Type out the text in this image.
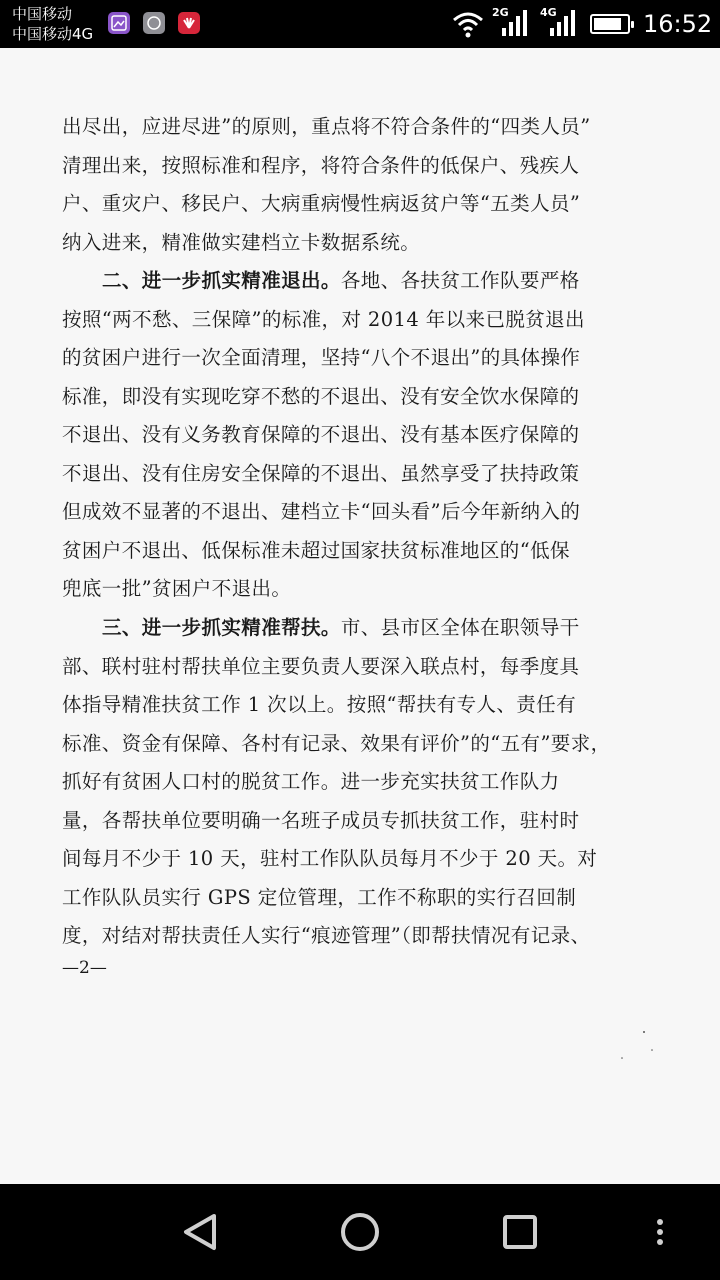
中国移动
中国移动4G
2G	4G	16:52
出尽出，应进尽进”的原则，重点将不符合条件的“四类人员”
清理出来，按照标准和程序，将符合条件的低保户、残疾人
户、重灾户、移民户、大病重病慢性病返贫户等“五类人员”
纳入进来，精准做实建档立卡数据系统。
二、进一步抓实精准退出。各地、各扶贫工作队要严格
按照“两不愁、三保障”的标准，对 2014 年以来已脱贫退出
的贫困户进行一次全面清理，坚持“八个不退出”的具体操作
标准，即没有实现吃穿不愁的不退出、没有安全饮水保障的
不退出、没有义务教育保障的不退出、没有基本医疗保障的
不退出、没有住房安全保障的不退出、虽然享受了扶持政策
但成效不显著的不退出、建档立卡“回头看”后今年新纳入的
贫困户不退出、低保标准未超过国家扶贫标准地区的“低保
兜底一批”贫困户不退出。
三、进一步抓实精准帮扶。市、县市区全体在职领导干
部、联村驻村帮扶单位主要负责人要深入联点村，每季度具
体指导精准扶贫工作 1 次以上。按照“帮扶有专人、责任有
标准、资金有保障、各村有记录、效果有评价”的“五有”要求，
抓好有贫困人口村的脱贫工作。进一步充实扶贫工作队力
量，各帮扶单位要明确一名班子成员专抓扶贫工作，驻村时
间每月不少于 10 天，驻村工作队队员每月不少于 20 天。对
工作队队员实行 GPS 定位管理，工作不称职的实行召回制
度，对结对帮扶责任人实行“痕迹管理”（即帮扶情况有记录、
—2—
